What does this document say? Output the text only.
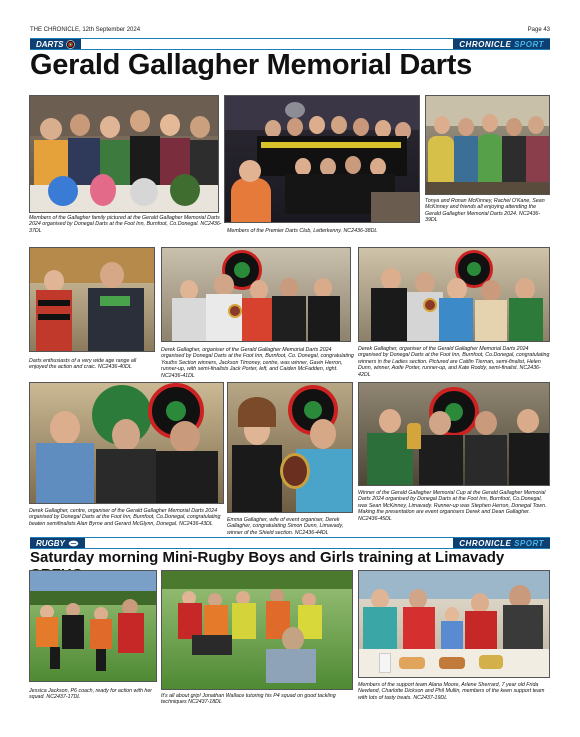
THE CHRONICLE, 12th September 2024	Page 43
DARTS	CHRONICLE SPORT
Gerald Gallagher Memorial Darts
Members of the Gallagher family pictured at the Gerald Gallagher Memorial Darts 2024 organised by Donegal Darts at the Foot Inn, Burnfoot, Co.Donegal. NC2436-37DL	Members of the Premier Darts Club, Letterkenny. NC2436-38DL
Tonya and Ronan McKinney, Rachel O'Kane, Sean McKinney and friends all enjoying attending the Gerald Gallagher Memorial Darts 2024. NC2436-39DL
Darts enthusiasts of a very wide age range all enjoyed the action and craic. NC2436-40DL
Derek Gallagher, organiser of the Gerald Gallagher Memorial Darts 2024 organised by Donegal Darts at the Foot Inn, Burnfoot, Co. Donegal, congratulating Youths Section winners, Jackson Timoney, centre, was winner, Gavin Herron, runner-up, with semi-finalists Jack Porter, left, and Caiden McFadden, right. NC2436-41DL
Derek Gallagher, organiser of the Gerald Gallagher Memorial Darts 2024 organised by Donegal Darts at the Foot Inn, Burnfoot, Co.Donegal, congratulating winners in the Ladies section. Pictured are Caitlin Tiernan, semi-finalist, Helen Dunn, winner, Aoife Porter, runner-up, and Kate Roddy, semi-finalist. NC2436-42DL
Derek Gallagher, centre, organiser of the Gerald Gallagher Memorial Darts 2024 organised by Donegal Darts at the Foot Inn, Burnfoot, Co.Donegal, congratulating beaten semifinalists Alan Byrne and Gerard McGlynn, Donegal. NC2436-43DL
Emma Gallagher, wife of event organiser, Derek Gallagher, congratulating Simon Dunn, Limavady, winner of the Shield section. NC2436-44DL
Winner of the Gerald Gallagher Memorial Cup at the Gerald Gallagher Memorial Darts 2024 organised by Donegal Darts at the Foot Inn, Burnfoot, Co.Donegal, was Sean McKinney, Limavady. Runner-up was Stephen Herron, Donegal Town. Making the presentation are event organisers Derek and Dean Gallagher. NC2436-45DL
RUGBY	CHRONICLE SPORT
Saturday morning Mini-Rugby Boys and Girls training at Limavady
Jessica Jackson, P6 coach, ready for action with her squad. NC2437-17DL	It's all about grip! Jonathan Wallace tutoring his P4 squad on good tackling techniques NC2437-18DL
Members of the support team Alana Moore, Arlene Sherrard, 7 year old Frida Newland, Charlotte Dickson and Phil Mullin, members of the keen support team with lots of tasty treats. NC2437-19DL
